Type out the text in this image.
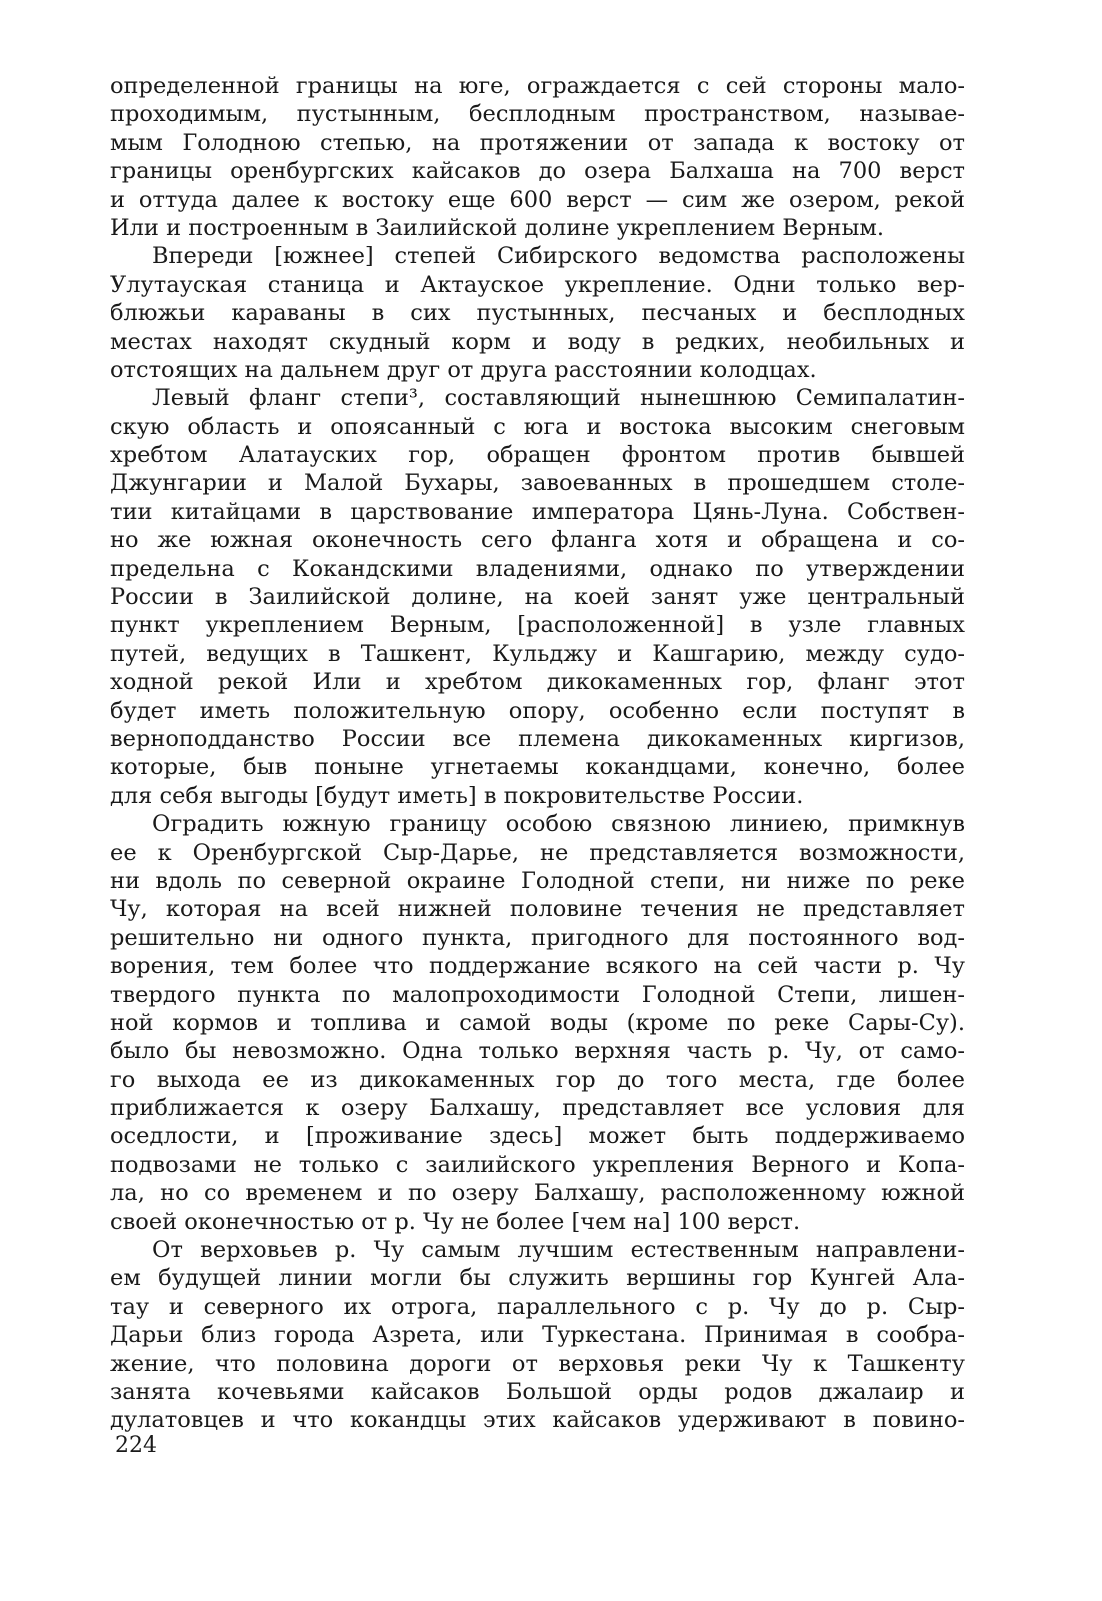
определенной границы на юге, ограждается с сей стороны мало-
проходимым, пустынным, бесплодным пространством, называе-
мым Голодною степью, на протяжении от запада к востоку от
границы оренбургских кайсаков до озера Балхаша на 700 верст
и оттуда далее к востоку еще 600 верст — сим же озером, рекой
Или и построенным в Заилийской долине укреплением Верным.
Впереди [южнее] степей Сибирского ведомства расположены
Улутауская станица и Актауское укрепление. Одни только вер-
блюжьи караваны в сих пустынных, песчаных и бесплодных
местах находят скудный корм и воду в редких, необильных и
отстоящих на дальнем друг от друга расстоянии колодцах.
Левый фланг степи³, составляющий нынешнюю Семипалатин-
скую область и опоясанный с юга и востока высоким снеговым
хребтом Алатауских гор, обращен фронтом против бывшей
Джунгарии и Малой Бухары, завоеванных в прошедшем столе-
тии китайцами в царствование императора Цянь-Луна. Собствен-
но же южная оконечность сего фланга хотя и обращена и со-
предельна с Кокандскими владениями, однако по утверждении
России в Заилийской долине, на коей занят уже центральный
пункт укреплением Верным, [расположенной] в узле главных
путей, ведущих в Ташкент, Кульджу и Кашгарию, между судо-
ходной рекой Или и хребтом дикокаменных гор, фланг этот
будет иметь положительную опору, особенно если поступят в
верноподданство России все племена дикокаменных киргизов,
которые, быв поныне угнетаемы кокандцами, конечно, более
для себя выгоды [будут иметь] в покровительстве России.
Оградить южную границу особою связною линиею, примкнув
ее к Оренбургской Сыр-Дарье, не представляется возможности,
ни вдоль по северной окраине Голодной степи, ни ниже по реке
Чу, которая на всей нижней половине течения не представляет
решительно ни одного пункта, пригодного для постоянного вод-
ворения, тем более что поддержание всякого на сей части р. Чу
твердого пункта по малопроходимости Голодной Степи, лишен-
ной кормов и топлива и самой воды (кроме по реке Сары-Су).
было бы невозможно. Одна только верхняя часть р. Чу, от само-
го выхода ее из дикокаменных гор до того места, где более
приближается к озеру Балхашу, представляет все условия для
оседлости, и [проживание здесь] может быть поддерживаемо
подвозами не только с заилийского укрепления Верного и Копа-
ла, но со временем и по озеру Балхашу, расположенному южной
своей оконечностью от р. Чу не более [чем на] 100 верст.
От верховьев р. Чу самым лучшим естественным направлени-
ем будущей линии могли бы служить вершины гор Кунгей Ала-
тау и северного их отрога, параллельного с р. Чу до р. Сыр-
Дарьи близ города Азрета, или Туркестана. Принимая в сообра-
жение, что половина дороги от верховья реки Чу к Ташкенту
занята кочевьями кайсаков Большой орды родов джалаир и
дулатовцев и что кокандцы этих кайсаков удерживают в повино-
224
